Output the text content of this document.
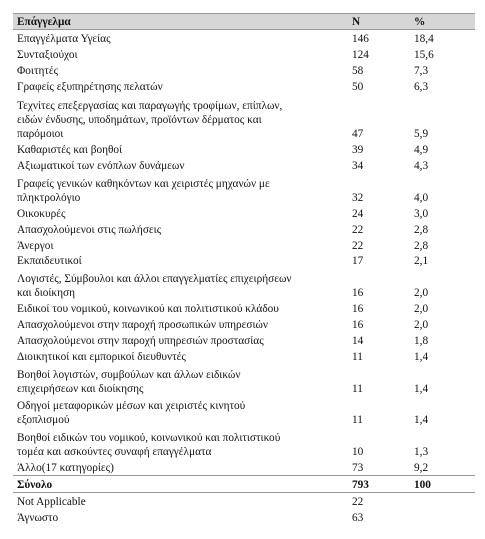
Επάγγελμα	N	%

Επαγγέλματα Υγείας	146	18,4

Συνταξιούχοι	124	15,6

Φοιτητές	58	7,3

Γραφείς εξυπηρέτησης πελατών	50	6,3

Τεχνίτες επεξεργασίας και παραγωγής τροφίμων, επίπλων,
ειδών ένδυσης, υποδημάτων, προϊόντων δέρματος και
παρόμοιοι	47	5,9

Καθαριστές και βοηθοί	39	4,9

Αξιωματικοί των ενόπλων δυνάμεων	34	4,3

Γραφείς γενικών καθηκόντων και χειριστές μηχανών με
πληκτρολόγιο	32	4,0

Οικοκυρές	24	3,0

Απασχολούμενοι στις πωλήσεις	22	2,8

Άνεργοι	22	2,8

Εκπαιδευτικοί	17	2,1

Λογιστές, Σύμβουλοι και άλλοι επαγγελματίες επιχειρήσεων
και διοίκηση	16	2,0

Ειδικοί του νομικού, κοινωνικού και πολιτιστικού κλάδου	16	2,0

Απασχολούμενοι στην παροχή προσωπικών υπηρεσιών	16	2,0

Απασχολούμενοι στην παροχή υπηρεσιών προστασίας	14	1,8

Διοικητικοί και εμπορικοί διευθυντές	11	1,4

Βοηθοί λογιστών, συμβούλων και άλλων ειδικών
επιχειρήσεων και διοίκησης	11	1,4

Οδηγοί μεταφορικών μέσων και χειριστές κινητού
εξοπλισμού	11	1,4

Βοηθοί ειδικών του νομικού, κοινωνικού και πολιτιστικού
τομέα και ασκούντες συναφή επαγγέλματα	10	1,3

Άλλο(17 κατηγορίες)	73	9,2
Σύνολο	793	100
Not Applicable	22	
Άγνωστο	63	
